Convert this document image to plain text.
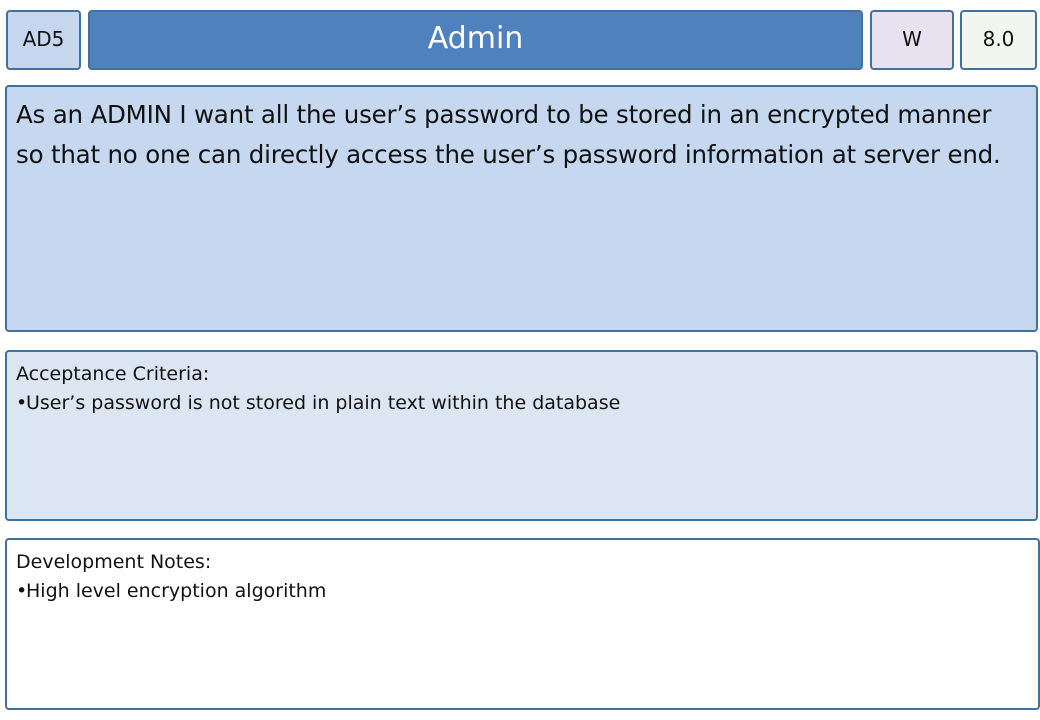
AD5	Admin	W	8.0

As an ADMIN I want all the user’s password to be stored in an encrypted manner so that no one can directly access the user’s password information at server end.

Acceptance Criteria:

•
User’s password is not stored in plain text within the database

Development Notes:

•
High level encryption algorithm
